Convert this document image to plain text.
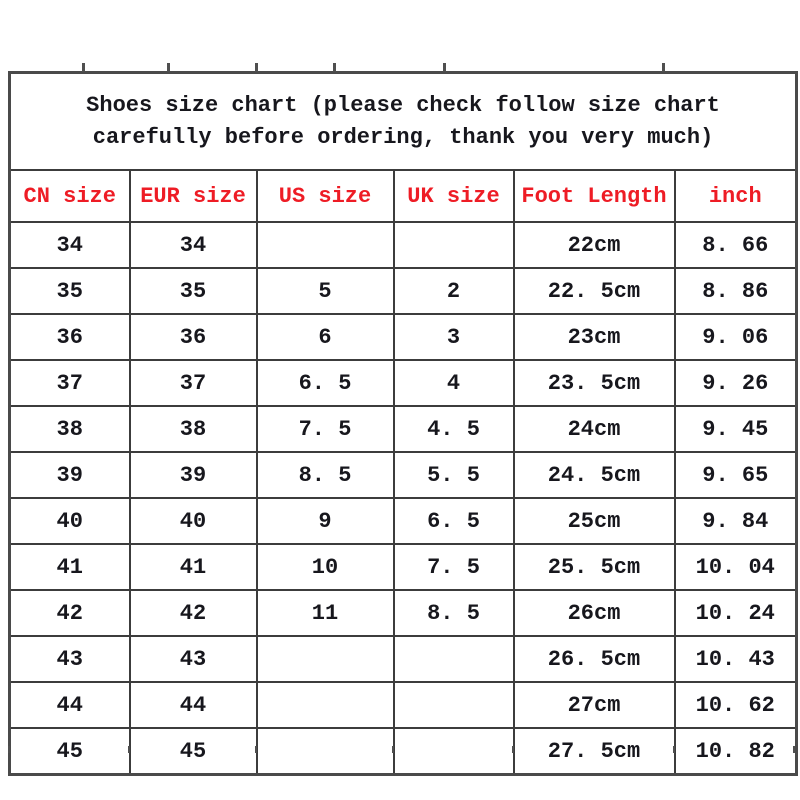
Shoes size chart (please check follow size chart
carefully before ordering, thank you very much)					

CN size	EUR size	US size	UK size	Foot Length	inch
34	34			22cm	8. 66
35	35	5	2	22. 5cm	8. 86
36	36	6	3	23cm	9. 06
37	37	6. 5	4	23. 5cm	9. 26
38	38	7. 5	4. 5	24cm	9. 45
39	39	8. 5	5. 5	24. 5cm	9. 65
40	40	9	6. 5	25cm	9. 84
41	41	10	7. 5	25. 5cm	10. 04
42	42	11	8. 5	26cm	10. 24
43	43			26. 5cm	10. 43
44	44			27cm	10. 62
45	45			27. 5cm	10. 82
